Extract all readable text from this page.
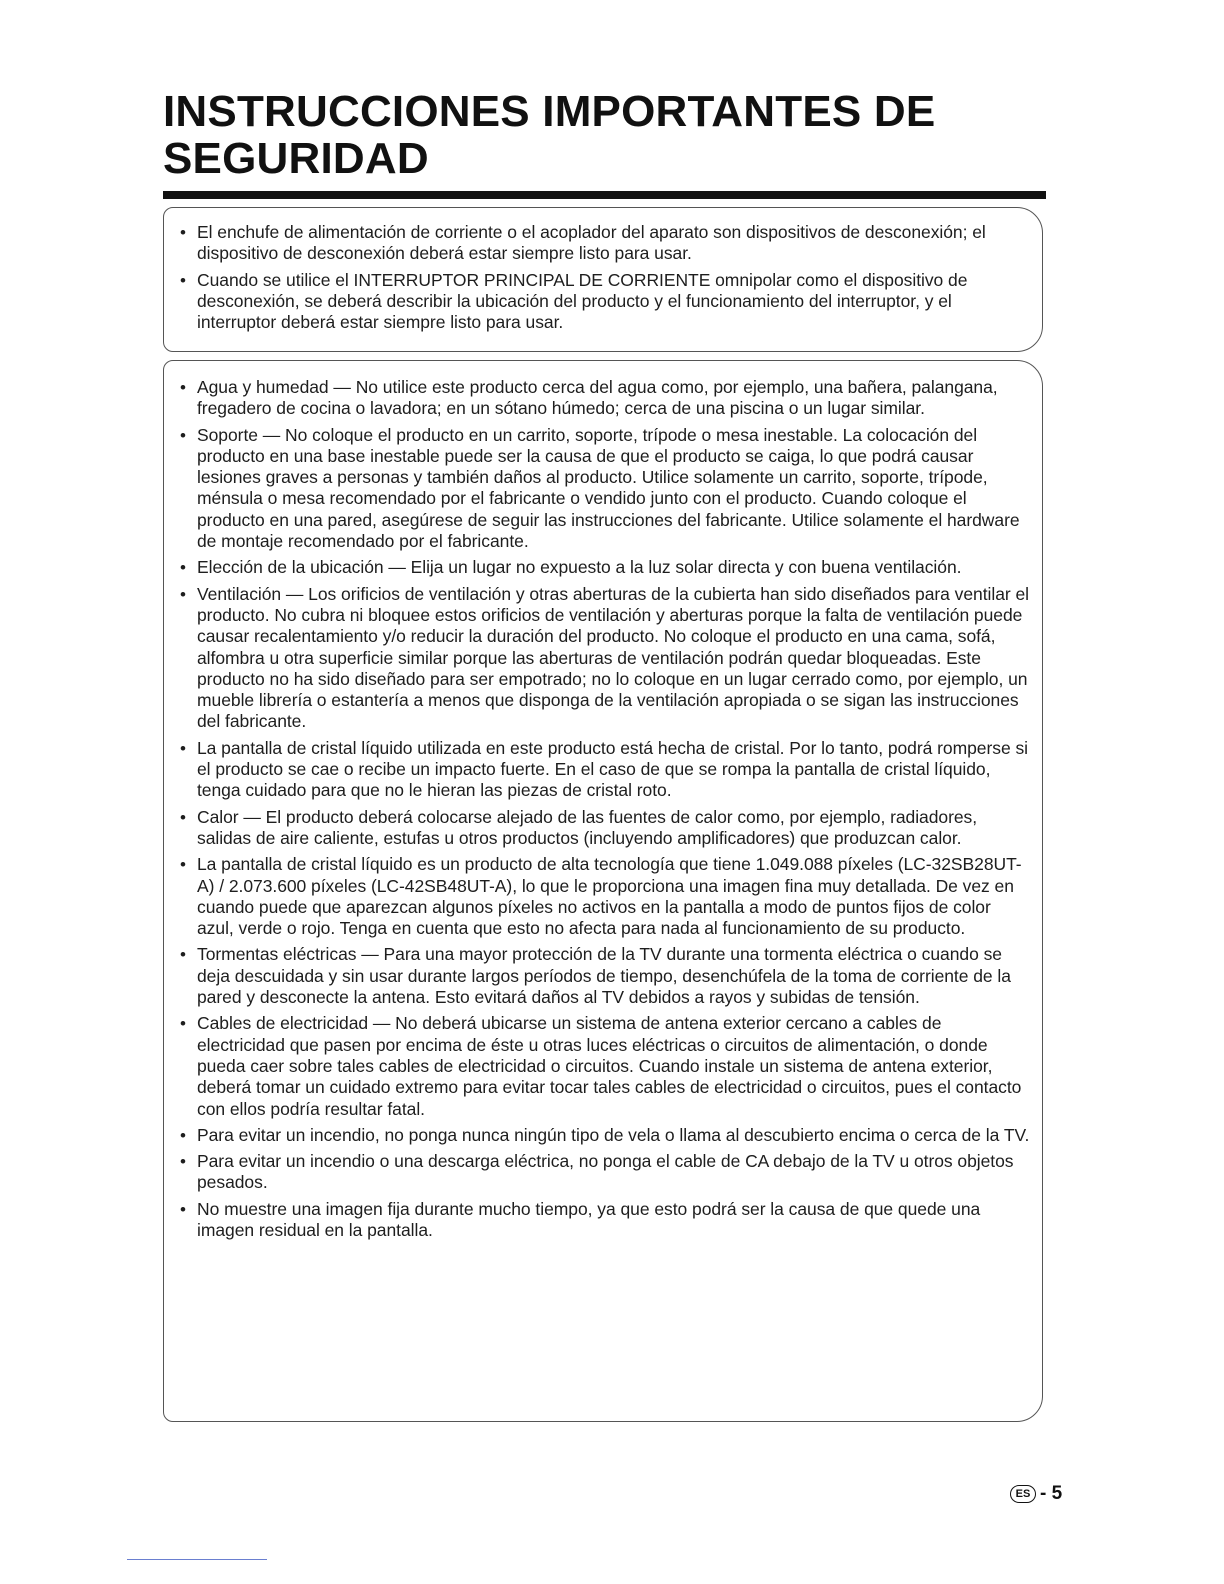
INSTRUCCIONES IMPORTANTES DE SEGURIDAD
• El enchufe de alimentación de corriente o el acoplador del aparato son dispositivos de desconexión; el dispositivo de desconexión deberá estar siempre listo para usar.
• Cuando se utilice el INTERRUPTOR PRINCIPAL DE CORRIENTE omnipolar como el dispositivo de desconexión, se deberá describir la ubicación del producto y el funcionamiento del interruptor, y el interruptor deberá estar siempre listo para usar.
• Agua y humedad — No utilice este producto cerca del agua como, por ejemplo, una bañera, palangana, fregadero de cocina o lavadora; en un sótano húmedo; cerca de una piscina o un lugar similar.
• Soporte — No coloque el producto en un carrito, soporte, trípode o mesa inestable. La colocación del producto en una base inestable puede ser la causa de que el producto se caiga, lo que podrá causar lesiones graves a personas y también daños al producto. Utilice solamente un carrito, soporte, trípode, ménsula o mesa recomendado por el fabricante o vendido junto con el producto. Cuando coloque el producto en una pared, asegúrese de seguir las instrucciones del fabricante. Utilice solamente el hardware de montaje recomendado por el fabricante.
• Elección de la ubicación — Elija un lugar no expuesto a la luz solar directa y con buena ventilación.
• Ventilación — Los orificios de ventilación y otras aberturas de la cubierta han sido diseñados para ventilar el producto. No cubra ni bloquee estos orificios de ventilación y aberturas porque la falta de ventilación puede causar recalentamiento y/o reducir la duración del producto. No coloque el producto en una cama, sofá, alfombra u otra superficie similar porque las aberturas de ventilación podrán quedar bloqueadas. Este producto no ha sido diseñado para ser empotrado; no lo coloque en un lugar cerrado como, por ejemplo, un mueble librería o estantería a menos que disponga de la ventilación apropiada o se sigan las instrucciones del fabricante.
• La pantalla de cristal líquido utilizada en este producto está hecha de cristal. Por lo tanto, podrá romperse si el producto se cae o recibe un impacto fuerte. En el caso de que se rompa la pantalla de cristal líquido, tenga cuidado para que no le hieran las piezas de cristal roto.
• Calor — El producto deberá colocarse alejado de las fuentes de calor como, por ejemplo, radiadores, salidas de aire caliente, estufas u otros productos (incluyendo amplificadores) que produzcan calor.
• La pantalla de cristal líquido es un producto de alta tecnología que tiene 1.049.088 píxeles (LC-32SB28UT-A) / 2.073.600 píxeles (LC-42SB48UT-A), lo que le proporciona una imagen fina muy detallada. De vez en cuando puede que aparezcan algunos píxeles no activos en la pantalla a modo de puntos fijos de color azul, verde o rojo. Tenga en cuenta que esto no afecta para nada al funcionamiento de su producto.
• Tormentas eléctricas — Para una mayor protección de la TV durante una tormenta eléctrica o cuando se deja descuidada y sin usar durante largos períodos de tiempo, desenchúfela de la toma de corriente de la pared y desconecte la antena. Esto evitará daños al TV debidos a rayos y subidas de tensión.
• Cables de electricidad — No deberá ubicarse un sistema de antena exterior cercano a cables de electricidad que pasen por encima de éste u otras luces eléctricas o circuitos de alimentación, o donde pueda caer sobre tales cables de electricidad o circuitos. Cuando instale un sistema de antena exterior, deberá tomar un cuidado extremo para evitar tocar tales cables de electricidad o circuitos, pues el contacto con ellos podría resultar fatal.
• Para evitar un incendio, no ponga nunca ningún tipo de vela o llama al descubierto encima o cerca de la TV.
• Para evitar un incendio o una descarga eléctrica, no ponga el cable de CA debajo de la TV u otros objetos pesados.
• No muestre una imagen fija durante mucho tiempo, ya que esto podrá ser la causa de que quede una imagen residual en la pantalla.
ES - 5
